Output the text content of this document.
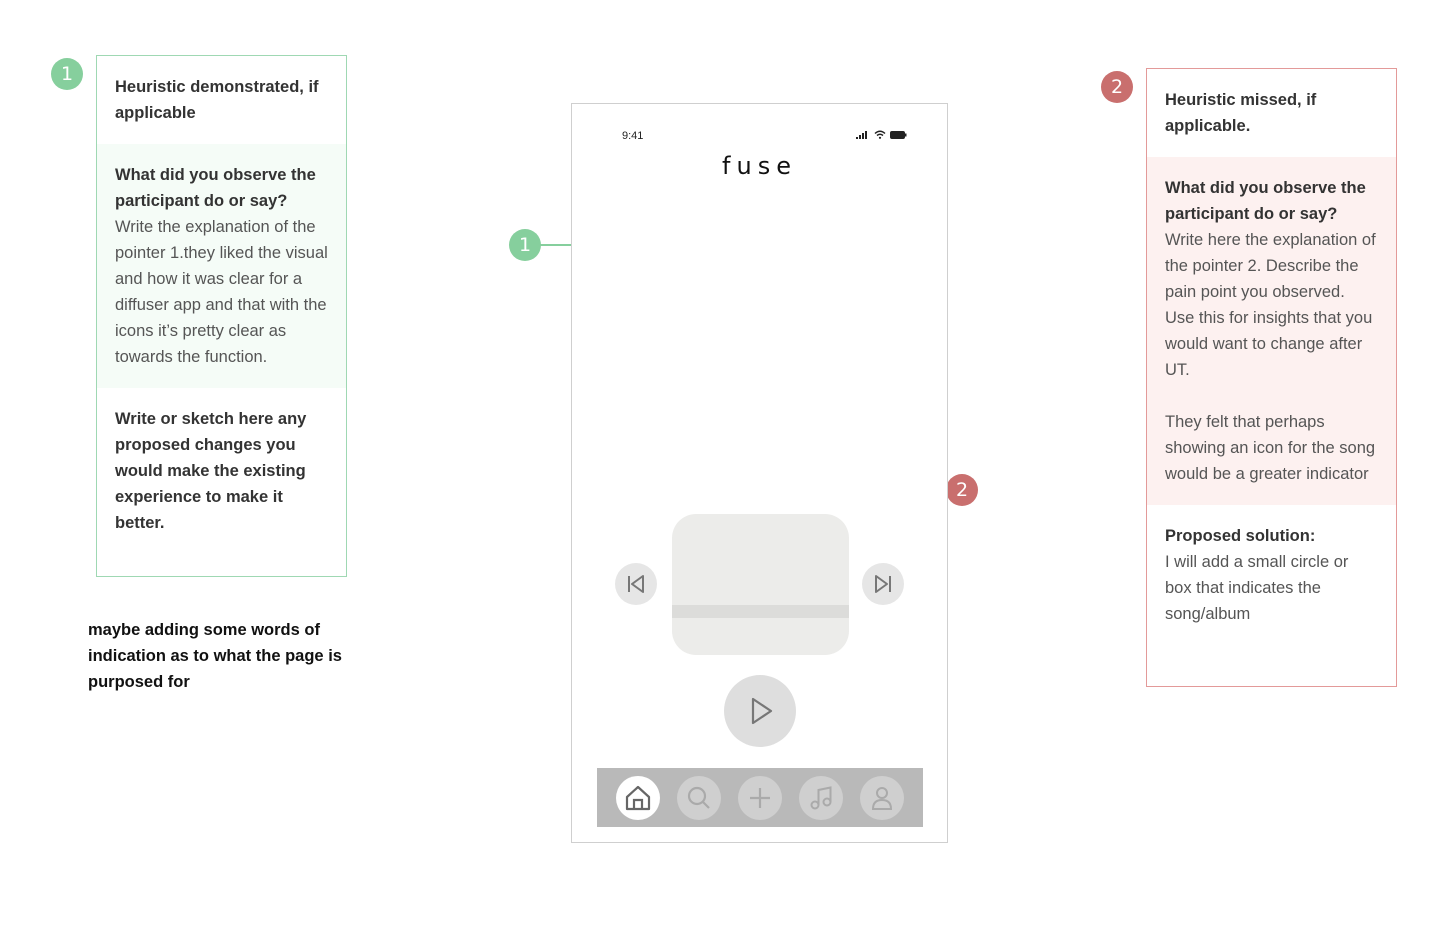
1
Heuristic demonstrated, if applicable
What did you observe the participant do or say?
Write the explanation of the pointer 1.they liked the visual and how it was clear for a diffuser app and that with the icons it’s pretty clear as towards the function.
Write or sketch here any proposed changes you would make the existing experience to make it better.
maybe adding some words of indication as to what the page is purposed for
2
Heuristic missed, if applicable.
What did you observe the participant do or say?
Write here the explanation of the pointer 2. Describe the pain point you observed. Use this for insights that you would want to change after UT.
They felt that perhaps showing an icon for the song would be a greater indicator
Proposed solution:
I will add a small circle or box that indicates the song/album
1
2
9:41
fuse
